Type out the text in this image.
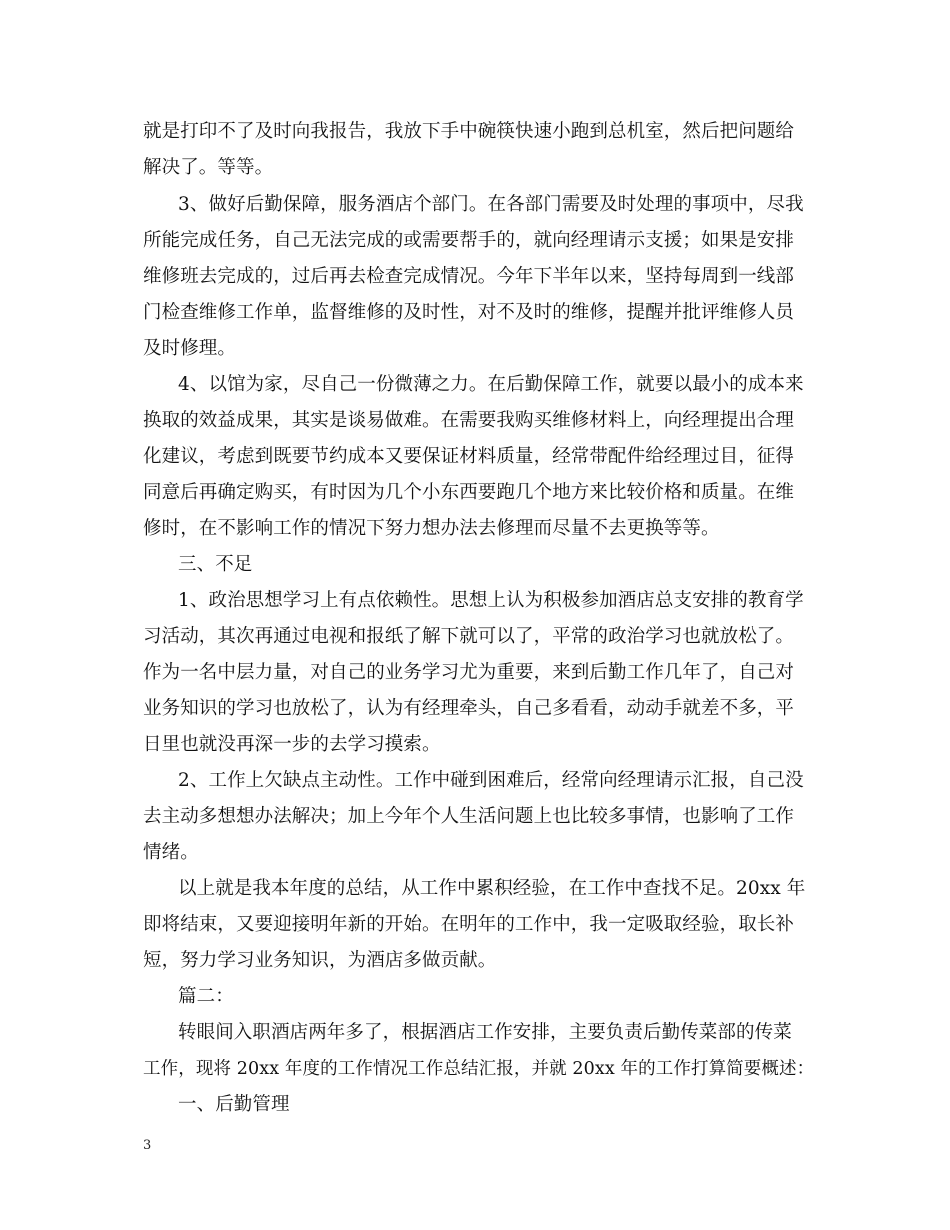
就是打印不了及时向我报告，我放下手中碗筷快速小跑到总机室，然后把问题给
解决了。等等。
3、做好后勤保障，服务酒店个部门。在各部门需要及时处理的事项中，尽我
所能完成任务，自己无法完成的或需要帮手的，就向经理请示支援；如果是安排
维修班去完成的，过后再去检查完成情况。今年下半年以来，坚持每周到一线部
门检查维修工作单，监督维修的及时性，对不及时的维修，提醒并批评维修人员
及时修理。
4、以馆为家，尽自己一份微薄之力。在后勤保障工作，就要以最小的成本来
换取的效益成果，其实是谈易做难。在需要我购买维修材料上，向经理提出合理
化建议，考虑到既要节约成本又要保证材料质量，经常带配件给经理过目，征得
同意后再确定购买，有时因为几个小东西要跑几个地方来比较价格和质量。在维
修时，在不影响工作的情况下努力想办法去修理而尽量不去更换等等。
三、不足
1、政治思想学习上有点依赖性。思想上认为积极参加酒店总支安排的教育学
习活动，其次再通过电视和报纸了解下就可以了，平常的政治学习也就放松了。
作为一名中层力量，对自己的业务学习尤为重要，来到后勤工作几年了，自己对
业务知识的学习也放松了，认为有经理牵头，自己多看看，动动手就差不多，平
日里也就没再深一步的去学习摸索。
2、工作上欠缺点主动性。工作中碰到困难后，经常向经理请示汇报，自己没
去主动多想想办法解决；加上今年个人生活问题上也比较多事情，也影响了工作
情绪。
以上就是我本年度的总结，从工作中累积经验，在工作中查找不足。20xx 年
即将结束，又要迎接明年新的开始。在明年的工作中，我一定吸取经验，取长补
短，努力学习业务知识，为酒店多做贡献。
篇二：
转眼间入职酒店两年多了，根据酒店工作安排，主要负责后勤传菜部的传菜
工作，现将 20xx 年度的工作情况工作总结汇报，并就 20xx 年的工作打算简要概述：
一、后勤管理
3
